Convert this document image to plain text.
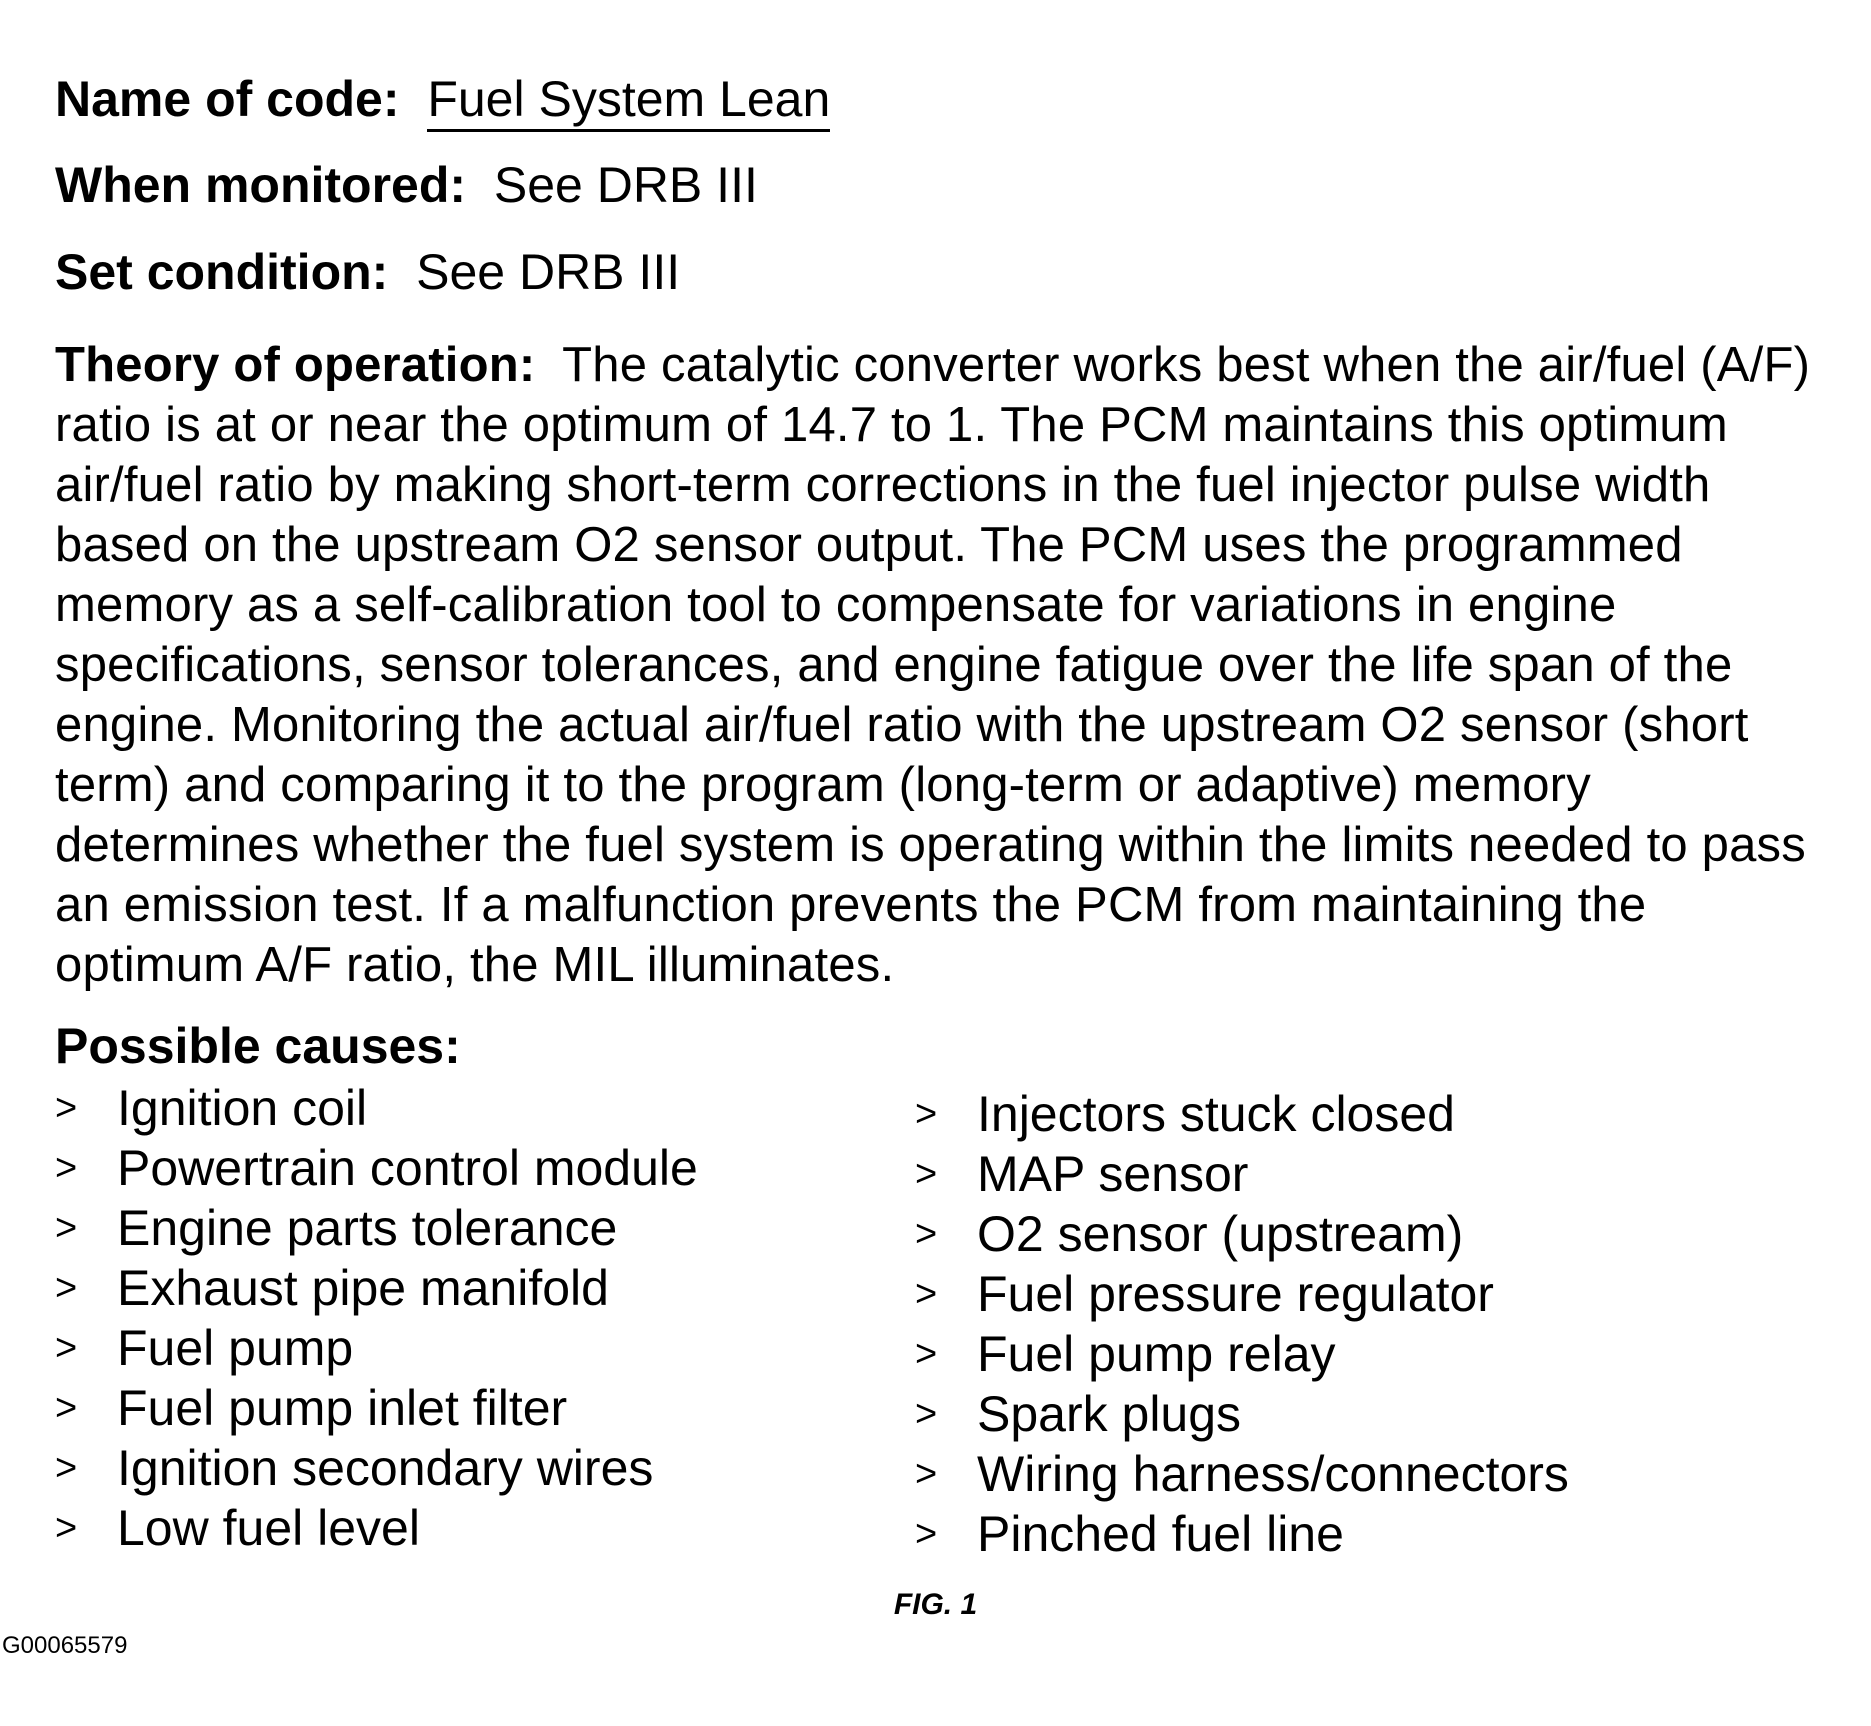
Name of code: Fuel System Lean
When monitored: See DRB III
Set condition: See DRB III
Theory of operation: The catalytic converter works best when the air/fuel (A/F) ratio is at or near the optimum of 14.7 to 1. The PCM maintains this optimum air/fuel ratio by making short-term corrections in the fuel injector pulse width based on the upstream O2 sensor output. The PCM uses the programmed memory as a self-calibration tool to compensate for variations in engine specifications, sensor tolerances, and engine fatigue over the life span of the engine. Monitoring the actual air/fuel ratio with the upstream O2 sensor (short term) and comparing it to the program (long-term or adaptive) memory determines whether the fuel system is operating within the limits needed to pass an emission test. If a malfunction prevents the PCM from maintaining the optimum A/F ratio, the MIL illuminates.
Possible causes:
> Ignition coil
> Powertrain control module
> Engine parts tolerance
> Exhaust pipe manifold
> Fuel pump
> Fuel pump inlet filter
> Ignition secondary wires
> Low fuel level
> Injectors stuck closed
> MAP sensor
> O2 sensor (upstream)
> Fuel pressure regulator
> Fuel pump relay
> Spark plugs
> Wiring harness/connectors
> Pinched fuel line
FIG. 1
G00065579
